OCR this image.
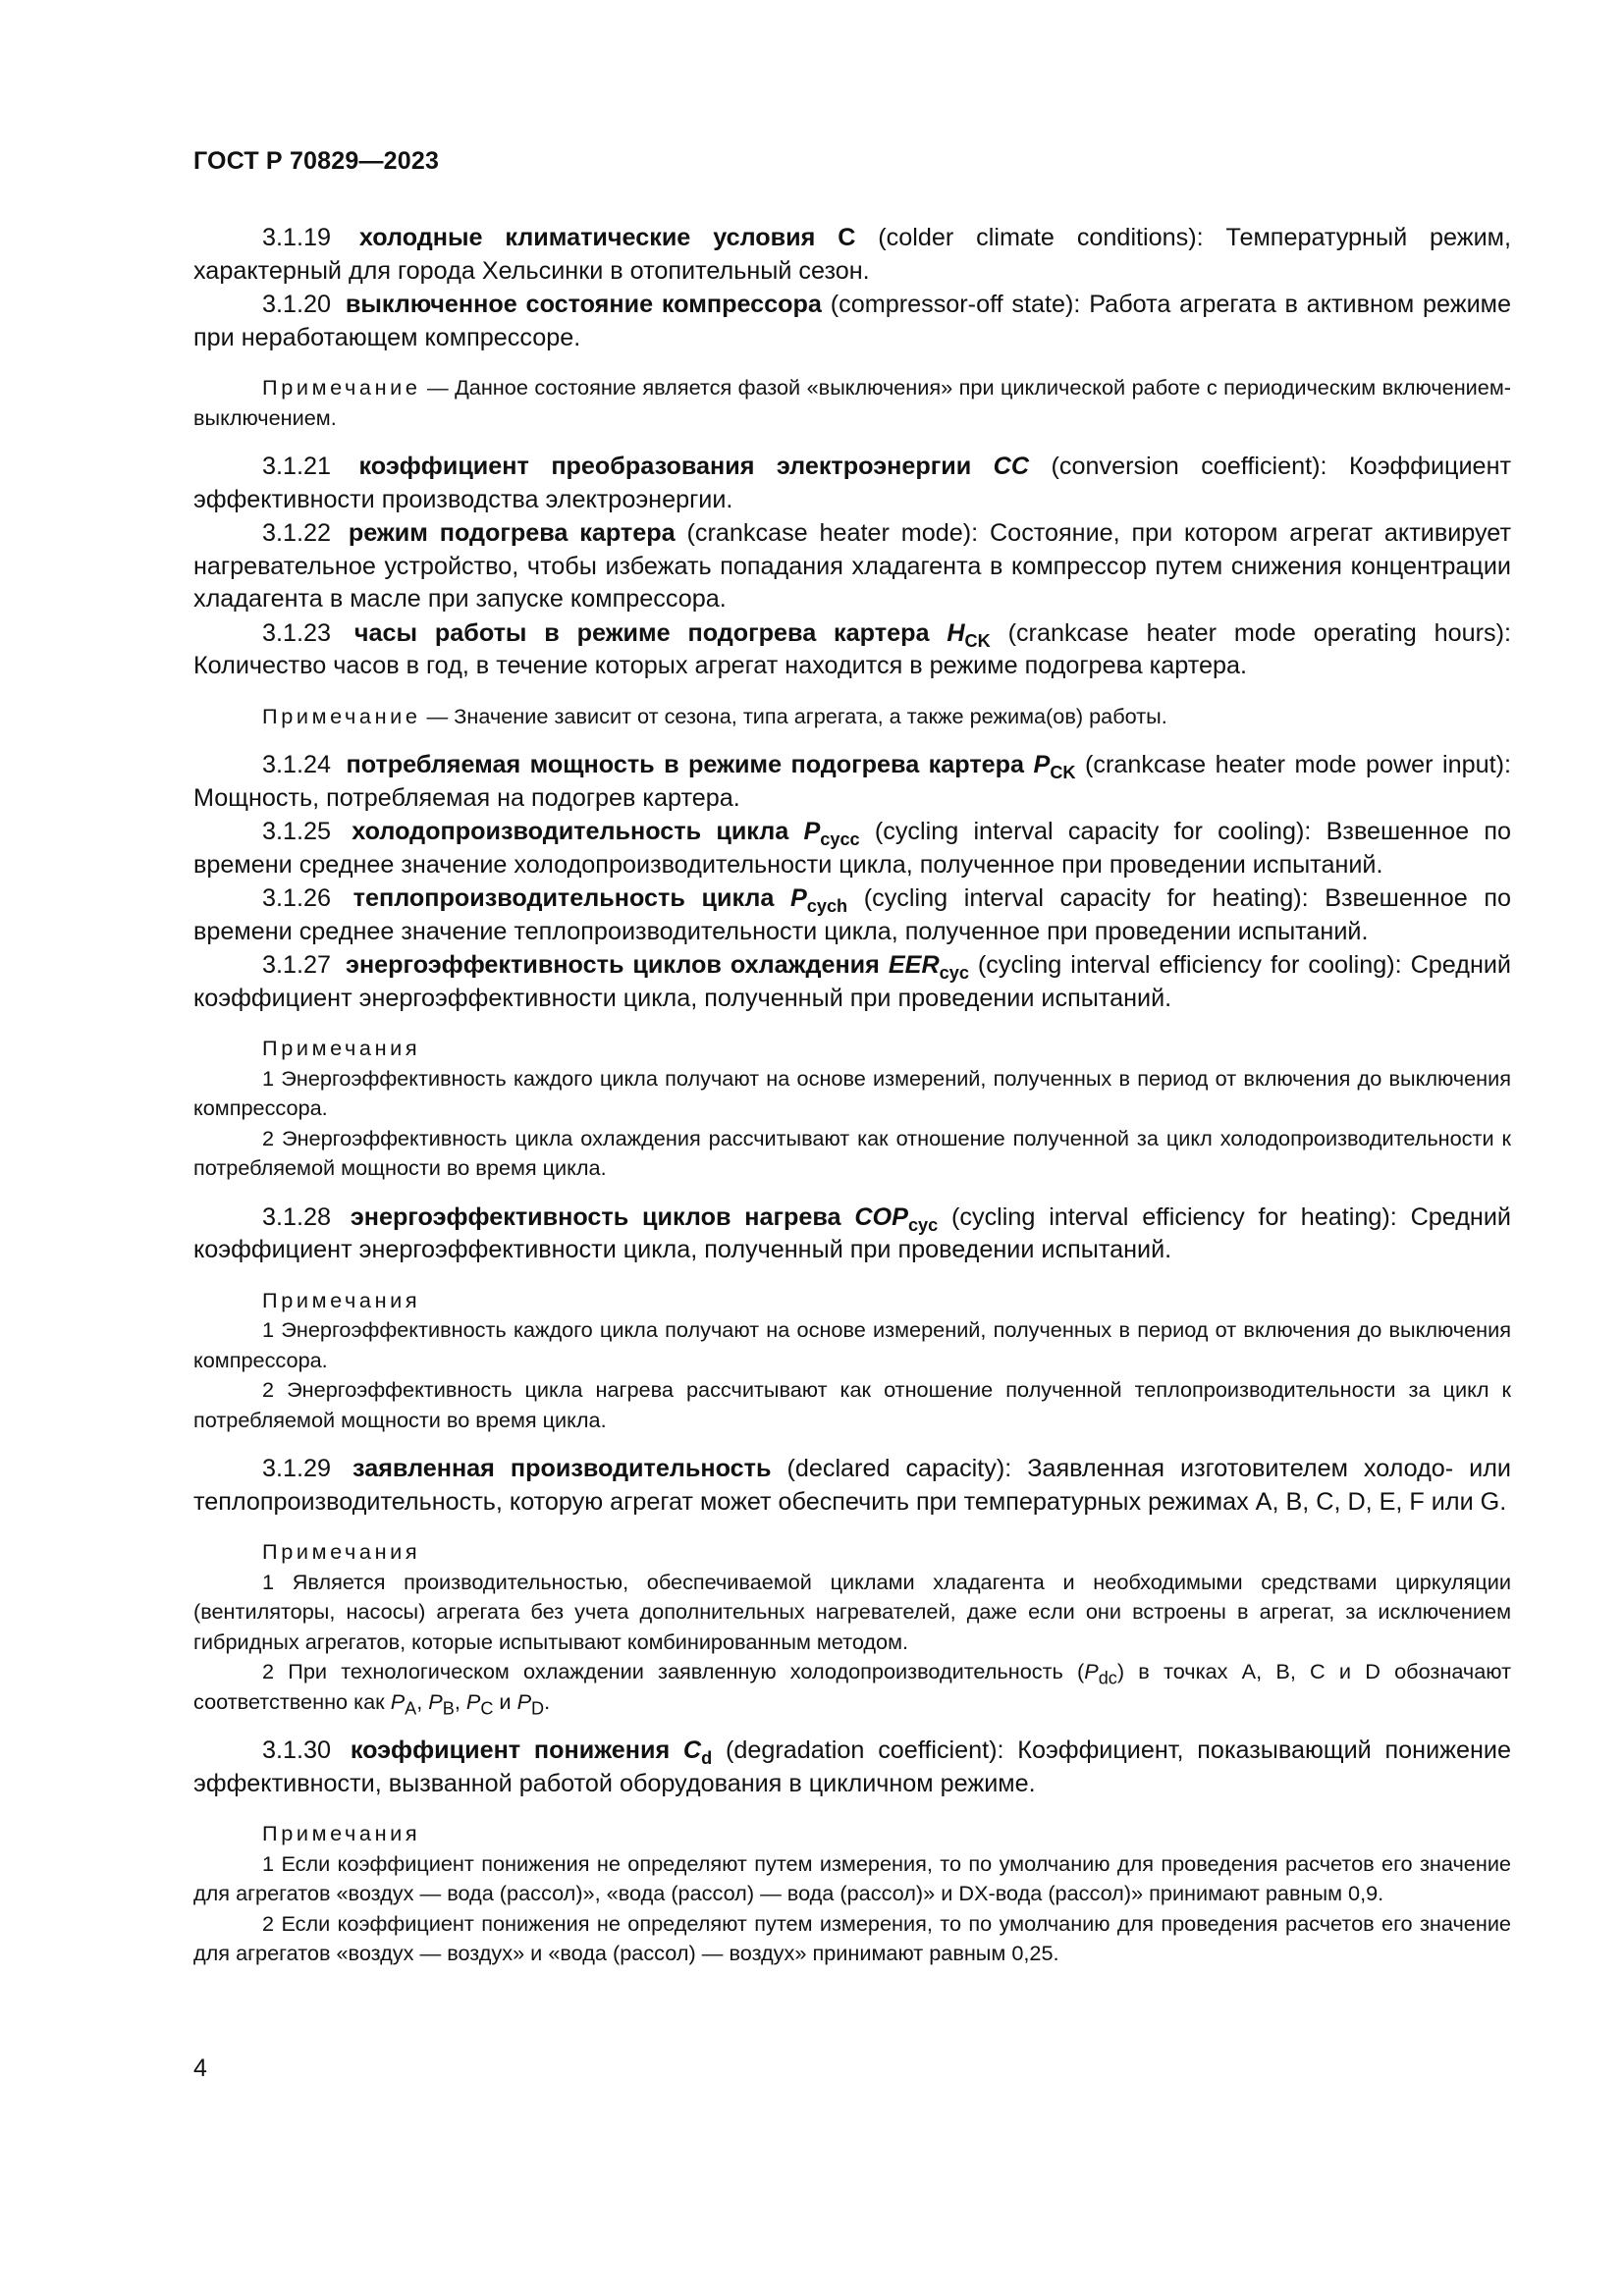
ГОСТ Р 70829—2023

3.1.19 холодные климатические условия С (colder climate conditions): Температурный режим, характерный для города Хельсинки в отопительный сезон.

3.1.20 выключенное состояние компрессора (compressor-off state): Работа агрегата в активном режиме при неработающем компрессоре.

Примечание — Данное состояние является фазой «выключения» при циклической работе с периодическим включением-выключением.

3.1.21 коэффициент преобразования электроэнергии СС (conversion coefficient): Коэффициент эффективности производства электроэнергии.

3.1.22 режим подогрева картера (crankcase heater mode): Состояние, при котором агрегат активирует нагревательное устройство, чтобы избежать попадания хладагента в компрессор путем снижения концентрации хладагента в масле при запуске компрессора.

3.1.23 часы работы в режиме подогрева картера $H_{CK}$ (crankcase heater mode operating hours): Количество часов в год, в течение которых агрегат находится в режиме подогрева картера.

Примечание — Значение зависит от сезона, типа агрегата, а также режима(ов) работы.

3.1.24 потребляемая мощность в режиме подогрева картера $P_{CK}$ (crankcase heater mode power input): Мощность, потребляемая на подогрев картера.

3.1.25 холодопроизводительность цикла $P_{cycc}$ (cycling interval capacity for cooling): Взвешенное по времени среднее значение холодопроизводительности цикла, полученное при проведении испытаний.

3.1.26 теплопроизводительность цикла $P_{cych}$ (cycling interval capacity for heating): Взвешенное по времени среднее значение теплопроизводительности цикла, полученное при проведении испытаний.

3.1.27 энергоэффективность циклов охлаждения $EER_{cyc}$ (cycling interval efficiency for cooling): Средний коэффициент энергоэффективности цикла, полученный при проведении испытаний.

Примечания

1 Энергоэффективность каждого цикла получают на основе измерений, полученных в период от включения до выключения компрессора.

2 Энергоэффективность цикла охлаждения рассчитывают как отношение полученной за цикл холодопроизводительности к потребляемой мощности во время цикла.

3.1.28 энергоэффективность циклов нагрева $COP_{cyc}$ (cycling interval efficiency for heating): Средний коэффициент энергоэффективности цикла, полученный при проведении испытаний.

Примечания

1 Энергоэффективность каждого цикла получают на основе измерений, полученных в период от включения до выключения компрессора.

2 Энергоэффективность цикла нагрева рассчитывают как отношение полученной теплопроизводительности за цикл к потребляемой мощности во время цикла.

3.1.29 заявленная производительность (declared capacity): Заявленная изготовителем холодо- или теплопроизводительность, которую агрегат может обеспечить при температурных режимах А, В, С, D, E, F или G.

Примечания

1 Является производительностью, обеспечиваемой циклами хладагента и необходимыми средствами циркуляции (вентиляторы, насосы) агрегата без учета дополнительных нагревателей, даже если они встроены в агрегат, за исключением гибридных агрегатов, которые испытывают комбинированным методом.

2 При технологическом охлаждении заявленную холодопроизводительность $(P_{dc})$ в точках А, В, С и D обозначают соответственно как $P_A$, $P_B$, $P_C$ и $P_D$.

3.1.30 коэффициент понижения $C_d$ (degradation coefficient): Коэффициент, показывающий понижение эффективности, вызванной работой оборудования в цикличном режиме.

Примечания

1 Если коэффициент понижения не определяют путем измерения, то по умолчанию для проведения расчетов его значение для агрегатов «воздух — вода (рассол)», «вода (рассол) — вода (рассол)» и DX-вода (рассол)» принимают равным 0,9.

2 Если коэффициент понижения не определяют путем измерения, то по умолчанию для проведения расчетов его значение для агрегатов «воздух — воздух» и «вода (рассол) — воздух» принимают равным 0,25.

4
